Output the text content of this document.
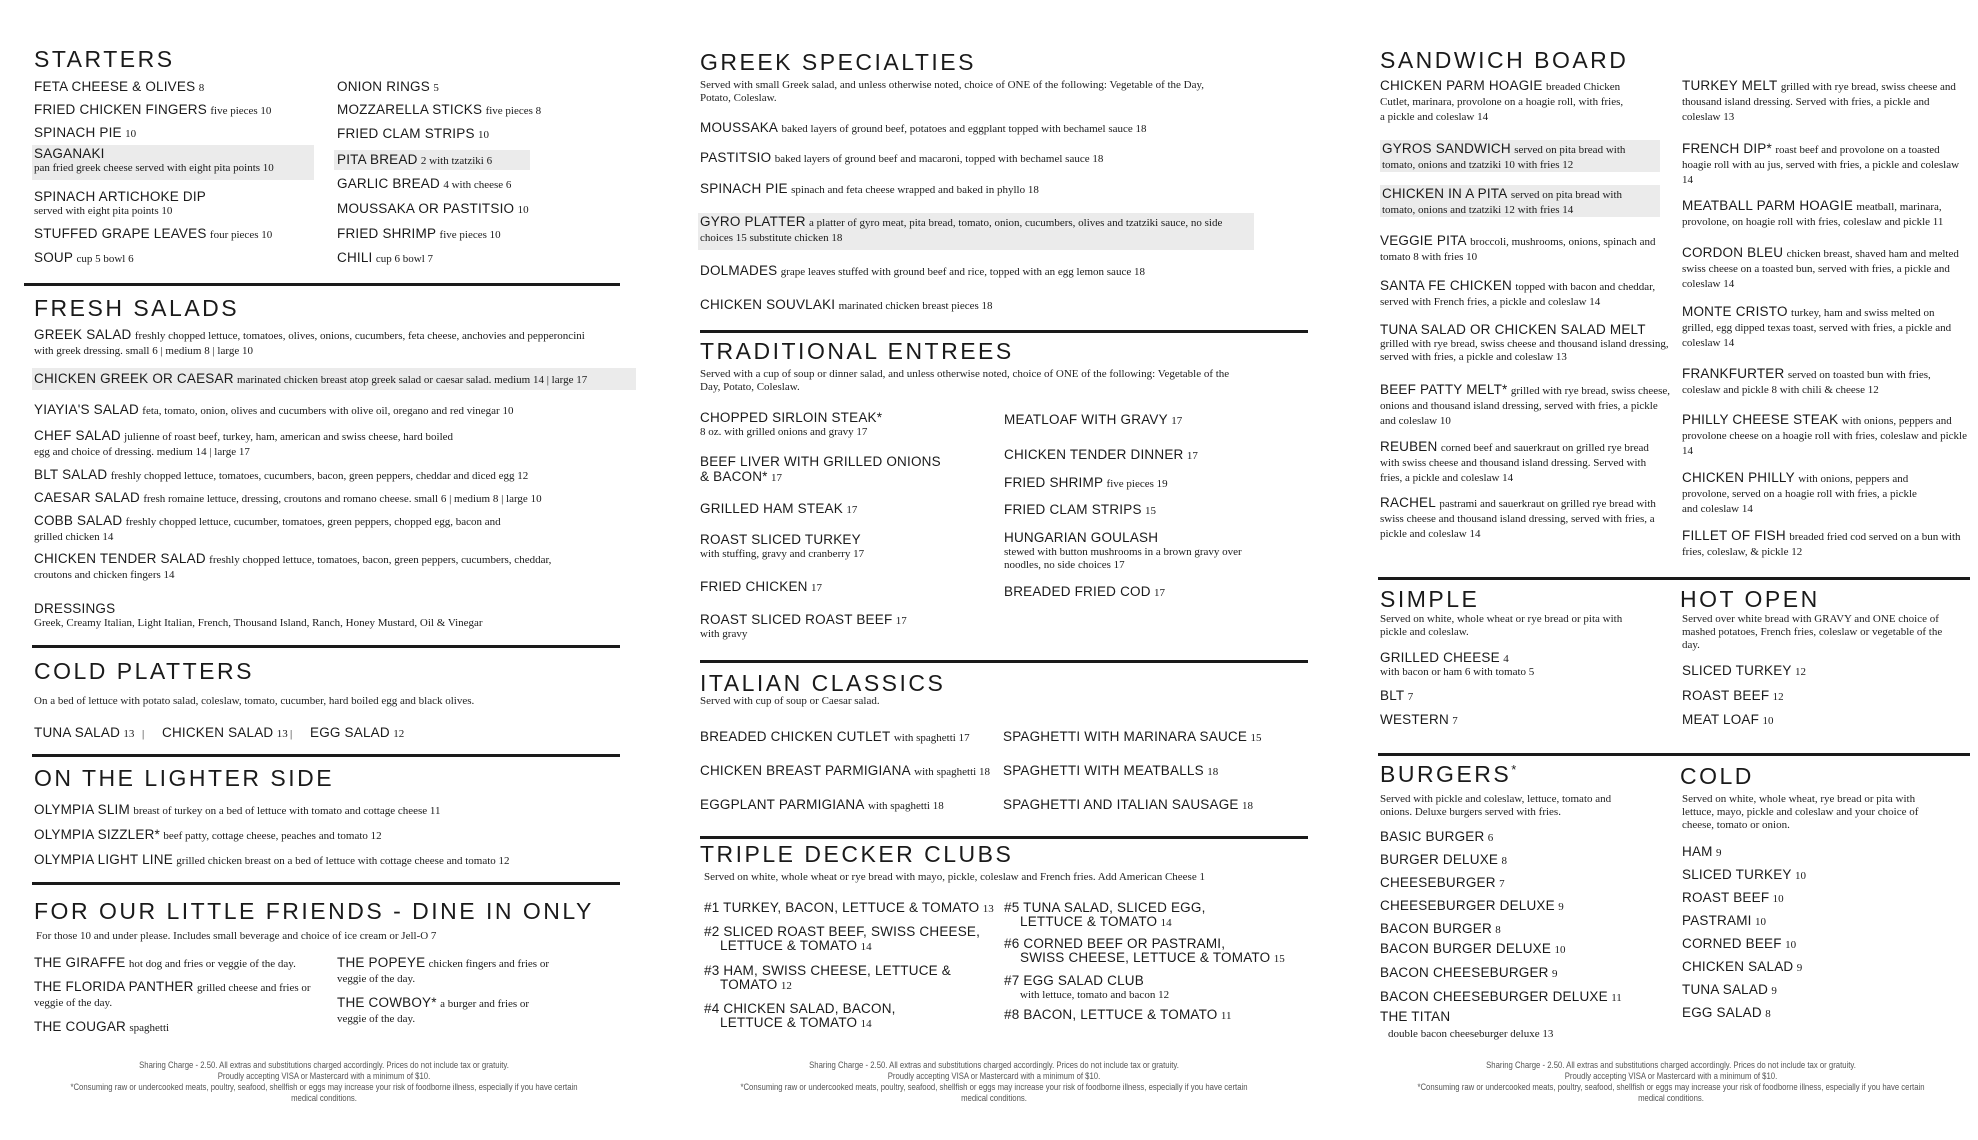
STARTERS
FETA CHEESE & OLIVES 8
FRIED CHICKEN FINGERS five pieces 10
SPINACH PIE 10
SAGANAKI
pan fried greek cheese served with eight pita points 10
SPINACH ARTICHOKE DIP
served with eight pita points 10
STUFFED GRAPE LEAVES four pieces 10
SOUP cup 5 bowl 6
ONION RINGS 5
MOZZARELLA STICKS five pieces 8
FRIED CLAM STRIPS 10
PITA BREAD 2 with tzatziki 6
GARLIC BREAD 4 with cheese 6
MOUSSAKA OR PASTITSIO 10
FRIED SHRIMP five pieces 10
CHILI cup 6 bowl 7
FRESH SALADS
GREEK SALAD freshly chopped lettuce, tomatoes, olives, onions, cucumbers, feta cheese, anchovies and pepperoncini with greek dressing. small 6 | medium 8 | large 10
CHICKEN GREEK OR CAESAR marinated chicken breast atop greek salad or caesar salad. medium 14 | large 17
YIAYIA'S SALAD feta, tomato, onion, olives and cucumbers with olive oil, oregano and red vinegar 10
CHEF SALAD julienne of roast beef, turkey, ham, american and swiss cheese, hard boiled egg and choice of dressing. medium 14 | large 17
BLT SALAD freshly chopped lettuce, tomatoes, cucumbers, bacon, green peppers, cheddar and diced egg 12
CAESAR SALAD fresh romaine lettuce, dressing, croutons and romano cheese. small 6 | medium 8 | large 10
COBB SALAD freshly chopped lettuce, cucumber, tomatoes, green peppers, chopped egg, bacon and grilled chicken 14
CHICKEN TENDER SALAD freshly chopped lettuce, tomatoes, bacon, green peppers, cucumbers, cheddar, croutons and chicken fingers 14
DRESSINGS
Greek, Creamy Italian, Light Italian, French, Thousand Island, Ranch, Honey Mustard, Oil & Vinegar
COLD PLATTERS
On a bed of lettuce with potato salad, coleslaw, tomato, cucumber, hard boiled egg and black olives.
TUNA SALAD 13 | CHICKEN SALAD 13 | EGG SALAD 12
ON THE LIGHTER SIDE
OLYMPIA SLIM breast of turkey on a bed of lettuce with tomato and cottage cheese 11
OLYMPIA SIZZLER* beef patty, cottage cheese, peaches and tomato 12
OLYMPIA LIGHT LINE grilled chicken breast on a bed of lettuce with cottage cheese and tomato 12
FOR OUR LITTLE FRIENDS - DINE IN ONLY
For those 10 and under please. Includes small beverage and choice of ice cream or Jell-O 7
THE GIRAFFE hot dog and fries or veggie of the day.
THE FLORIDA PANTHER grilled cheese and fries or veggie of the day.
THE COUGAR spaghetti
THE POPEYE chicken fingers and fries or veggie of the day.
THE COWBOY* a burger and fries or veggie of the day.
Sharing Charge - 2.50. All extras and substitutions charged accordingly. Prices do not include tax or gratuity.
Proudly accepting VISA or Mastercard with a minimum of $10.
*Consuming raw or undercooked meats, poultry, seafood, shellfish or eggs may increase your risk of foodborne illness, especially if you have certain medical conditions.
GREEK SPECIALTIES
Served with small Greek salad, and unless otherwise noted, choice of ONE of the following: Vegetable of the Day, Potato, Coleslaw.
MOUSSAKA baked layers of ground beef, potatoes and eggplant topped with bechamel sauce 18
PASTITSIO baked layers of ground beef and macaroni, topped with bechamel sauce 18
SPINACH PIE spinach and feta cheese wrapped and baked in phyllo 18
GYRO PLATTER a platter of gyro meat, pita bread, tomato, onion, cucumbers, olives and tzatziki sauce, no side choices 15 substitute chicken 18
DOLMADES grape leaves stuffed with ground beef and rice, topped with an egg lemon sauce 18
CHICKEN SOUVLAKI marinated chicken breast pieces 18
TRADITIONAL ENTREES
Served with a cup of soup or dinner salad, and unless otherwise noted, choice of ONE of the following: Vegetable of the Day, Potato, Coleslaw.
CHOPPED SIRLOIN STEAK*
8 oz. with grilled onions and gravy 17
BEEF LIVER WITH GRILLED ONIONS
& BACON* 17
GRILLED HAM STEAK 17
ROAST SLICED TURKEY
with stuffing, gravy and cranberry 17
FRIED CHICKEN 17
ROAST SLICED ROAST BEEF 17
with gravy
MEATLOAF WITH GRAVY 17
CHICKEN TENDER DINNER 17
FRIED SHRIMP five pieces 19
FRIED CLAM STRIPS 15
HUNGARIAN GOULASH
stewed with button mushrooms in a brown gravy over noodles, no side choices 17
BREADED FRIED COD 17
ITALIAN CLASSICS
Served with cup of soup or Caesar salad.
BREADED CHICKEN CUTLET with spaghetti 17
CHICKEN BREAST PARMIGIANA with spaghetti 18
EGGPLANT PARMIGIANA with spaghetti 18
SPAGHETTI WITH MARINARA SAUCE 15
SPAGHETTI WITH MEATBALLS 18
SPAGHETTI AND ITALIAN SAUSAGE 18
TRIPLE DECKER CLUBS
Served on white, whole wheat or rye bread with mayo, pickle, coleslaw and French fries. Add American Cheese 1
#1 TURKEY, BACON, LETTUCE & TOMATO 13
#2 SLICED ROAST BEEF, SWISS CHEESE,
LETTUCE & TOMATO 14
#3 HAM, SWISS CHEESE, LETTUCE &
TOMATO 12
#4 CHICKEN SALAD, BACON,
LETTUCE & TOMATO 14
#5 TUNA SALAD, SLICED EGG,
LETTUCE & TOMATO 14
#6 CORNED BEEF OR PASTRAMI,
SWISS CHEESE, LETTUCE & TOMATO 15
#7 EGG SALAD CLUB
with lettuce, tomato and bacon 12
#8 BACON, LETTUCE & TOMATO 11
Sharing Charge - 2.50. All extras and substitutions charged accordingly. Prices do not include tax or gratuity.
Proudly accepting VISA or Mastercard with a minimum of $10.
*Consuming raw or undercooked meats, poultry, seafood, shellfish or eggs may increase your risk of foodborne illness, especially if you have certain medical conditions.
SANDWICH BOARD
CHICKEN PARM HOAGIE breaded Chicken Cutlet, marinara, provolone on a hoagie roll, with fries, a pickle and coleslaw 14
GYROS SANDWICH served on pita bread with tomato, onions and tzatziki 10 with fries 12
CHICKEN IN A PITA served on pita bread with tomato, onions and tzatziki 12 with fries 14
VEGGIE PITA broccoli, mushrooms, onions, spinach and tomato 8 with fries 10
SANTA FE CHICKEN topped with bacon and cheddar, served with French fries, a pickle and coleslaw 14
TUNA SALAD OR CHICKEN SALAD MELT
grilled with rye bread, swiss cheese and thousand island dressing, served with fries, a pickle and coleslaw 13
BEEF PATTY MELT* grilled with rye bread, swiss cheese, onions and thousand island dressing, served with fries, a pickle and coleslaw 10
REUBEN corned beef and sauerkraut on grilled rye bread with swiss cheese and thousand island dressing. Served with fries, a pickle and coleslaw 14
RACHEL pastrami and sauerkraut on grilled rye bread with swiss cheese and thousand island dressing, served with fries, a pickle and coleslaw 14
TURKEY MELT grilled with rye bread, swiss cheese and thousand island dressing. Served with fries, a pickle and coleslaw 13
FRENCH DIP* roast beef and provolone on a toasted hoagie roll with au jus, served with fries, a pickle and coleslaw 14
MEATBALL PARM HOAGIE meatball, marinara, provolone, on hoagie roll with fries, coleslaw and pickle 11
CORDON BLEU chicken breast, shaved ham and melted swiss cheese on a toasted bun, served with fries, a pickle and coleslaw 14
MONTE CRISTO turkey, ham and swiss melted on grilled, egg dipped texas toast, served with fries, a pickle and coleslaw 14
FRANKFURTER served on toasted bun with fries, coleslaw and pickle 8 with chili & cheese 12
PHILLY CHEESE STEAK with onions, peppers and provolone cheese on a hoagie roll with fries, coleslaw and pickle 14
CHICKEN PHILLY with onions, peppers and provolone, served on a hoagie roll with fries, a pickle and coleslaw 14
FILLET OF FISH breaded fried cod served on a bun with fries, coleslaw, & pickle 12
SIMPLE
Served on white, whole wheat or rye bread or pita with pickle and coleslaw.
GRILLED CHEESE 4
with bacon or ham 6 with tomato 5
BLT 7
WESTERN 7
HOT OPEN
Served over white bread with GRAVY and ONE choice of mashed potatoes, French fries, coleslaw or vegetable of the day.
SLICED TURKEY 12
ROAST BEEF 12
MEAT LOAF 10
BURGERS*
Served with pickle and coleslaw, lettuce, tomato and onions. Deluxe burgers served with fries.
BASIC BURGER 6
BURGER DELUXE 8
CHEESEBURGER 7
CHEESEBURGER DELUXE 9
BACON BURGER 8
BACON BURGER DELUXE 10
BACON CHEESEBURGER 9
BACON CHEESEBURGER DELUXE 11
THE TITAN
double bacon cheeseburger deluxe 13
COLD
Served on white, whole wheat, rye bread or pita with lettuce, mayo, pickle and coleslaw and your choice of cheese, tomato or onion.
HAM 9
SLICED TURKEY 10
ROAST BEEF 10
PASTRAMI 10
CORNED BEEF 10
CHICKEN SALAD 9
TUNA SALAD 9
EGG SALAD 8
Sharing Charge - 2.50. All extras and substitutions charged accordingly. Prices do not include tax or gratuity.
Proudly accepting VISA or Mastercard with a minimum of $10.
*Consuming raw or undercooked meats, poultry, seafood, shellfish or eggs may increase your risk of foodborne illness, especially if you have certain medical conditions.
